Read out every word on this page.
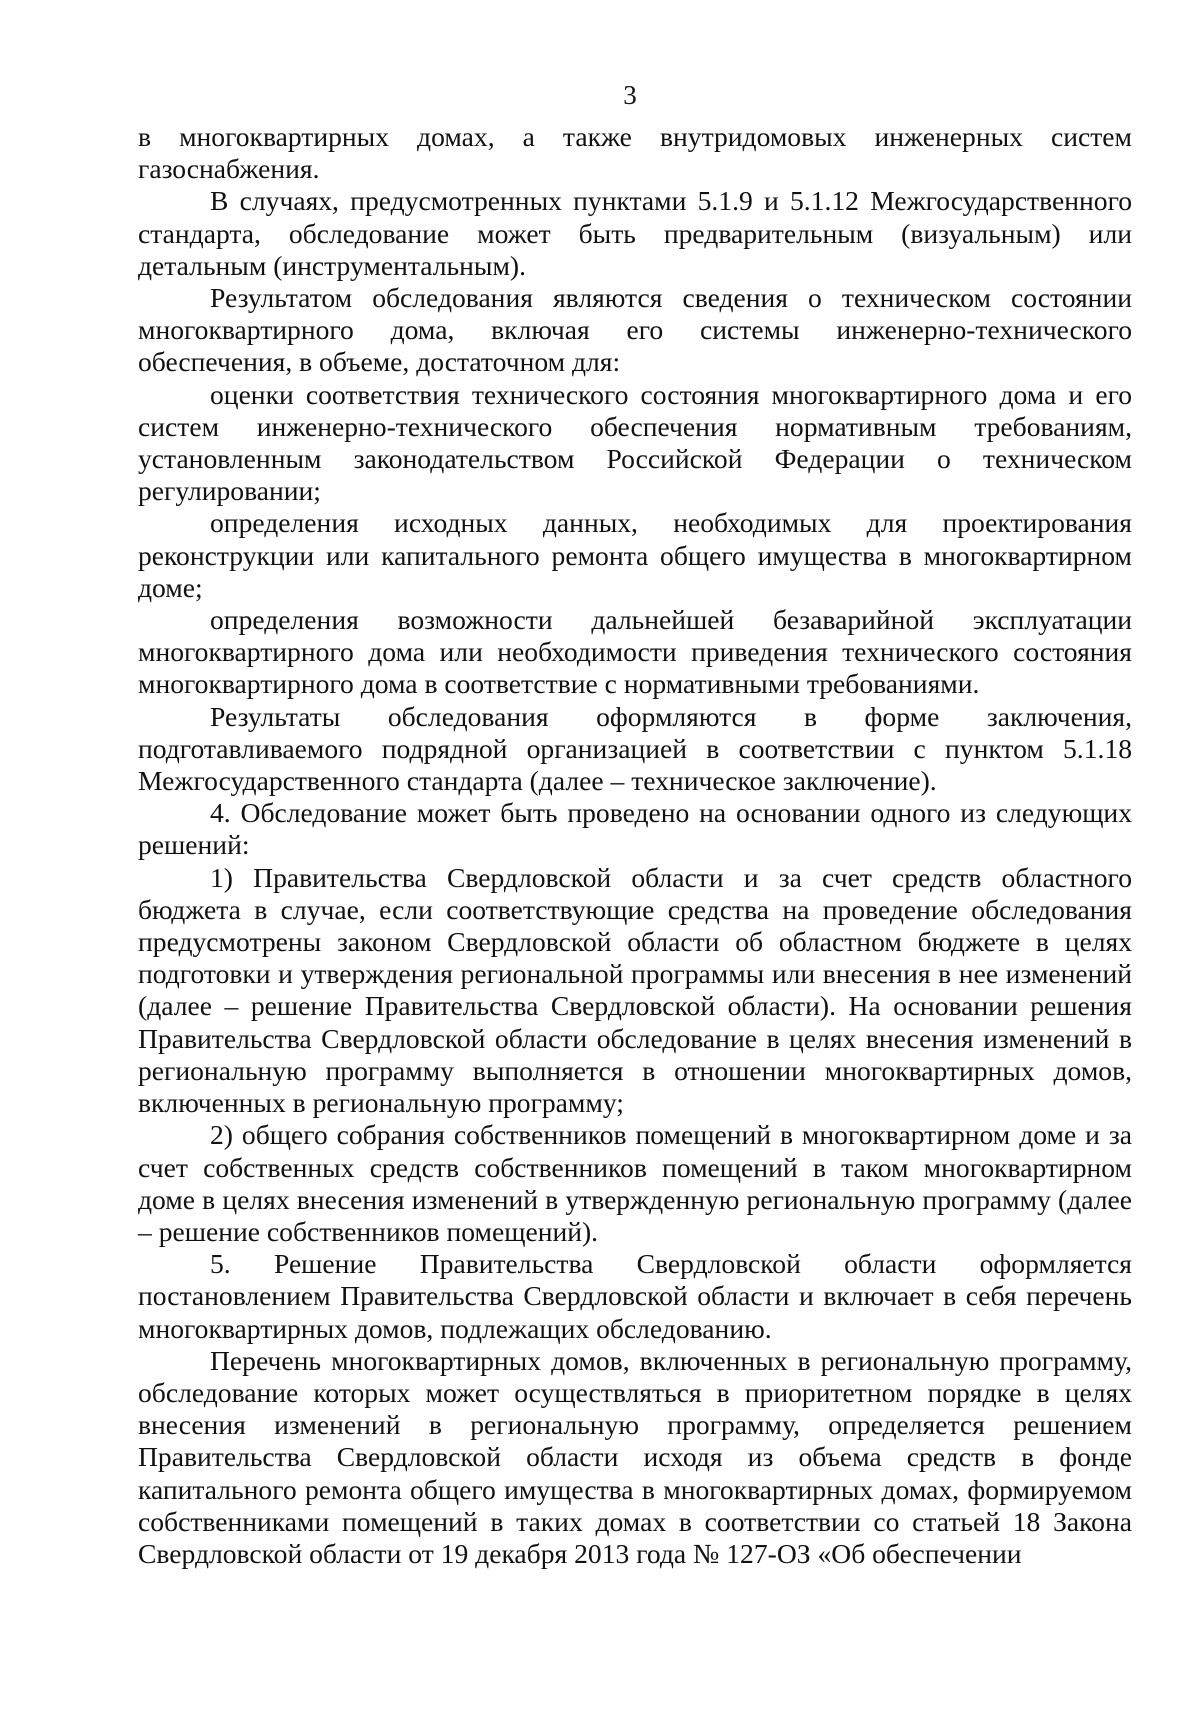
3

в многоквартирных домах, а также внутридомовых инженерных систем газоснабжения.

В случаях, предусмотренных пунктами 5.1.9 и 5.1.12 Межгосударственного стандарта, обследование может быть предварительным (визуальным) или детальным (инструментальным).

Результатом обследования являются сведения о техническом состоянии многоквартирного дома, включая его системы инженерно-технического обеспечения, в объеме, достаточном для:

оценки соответствия технического состояния многоквартирного дома и его систем инженерно-технического обеспечения нормативным требованиям, установленным законодательством Российской Федерации о техническом регулировании;

определения исходных данных, необходимых для проектирования реконструкции или капитального ремонта общего имущества в многоквартирном доме;

определения возможности дальнейшей безаварийной эксплуатации многоквартирного дома или необходимости приведения технического состояния многоквартирного дома в соответствие с нормативными требованиями.

Результаты обследования оформляются в форме заключения, подготавливаемого подрядной организацией в соответствии с пунктом 5.1.18 Межгосударственного стандарта (далее – техническое заключение).

4. Обследование может быть проведено на основании одного из следующих решений:

1) Правительства Свердловской области и за счет средств областного бюджета в случае, если соответствующие средства на проведение обследования предусмотрены законом Свердловской области об областном бюджете в целях подготовки и утверждения региональной программы или внесения в нее изменений (далее – решение Правительства Свердловской области). На основании решения Правительства Свердловской области обследование в целях внесения изменений в региональную программу выполняется в отношении многоквартирных домов, включенных в региональную программу;

2) общего собрания собственников помещений в многоквартирном доме и за счет собственных средств собственников помещений в таком многоквартирном доме в целях внесения изменений в утвержденную региональную программу (далее – решение собственников помещений).

5. Решение Правительства Свердловской области оформляется постановлением Правительства Свердловской области и включает в себя перечень многоквартирных домов, подлежащих обследованию.

Перечень многоквартирных домов, включенных в региональную программу, обследование которых может осуществляться в приоритетном порядке в целях внесения изменений в региональную программу, определяется решением Правительства Свердловской области исходя из объема средств в фонде капитального ремонта общего имущества в многоквартирных домах, формируемом собственниками помещений в таких домах в соответствии со статьей 18 Закона Свердловской области от 19 декабря 2013 года № 127-ОЗ «Об обеспечении
